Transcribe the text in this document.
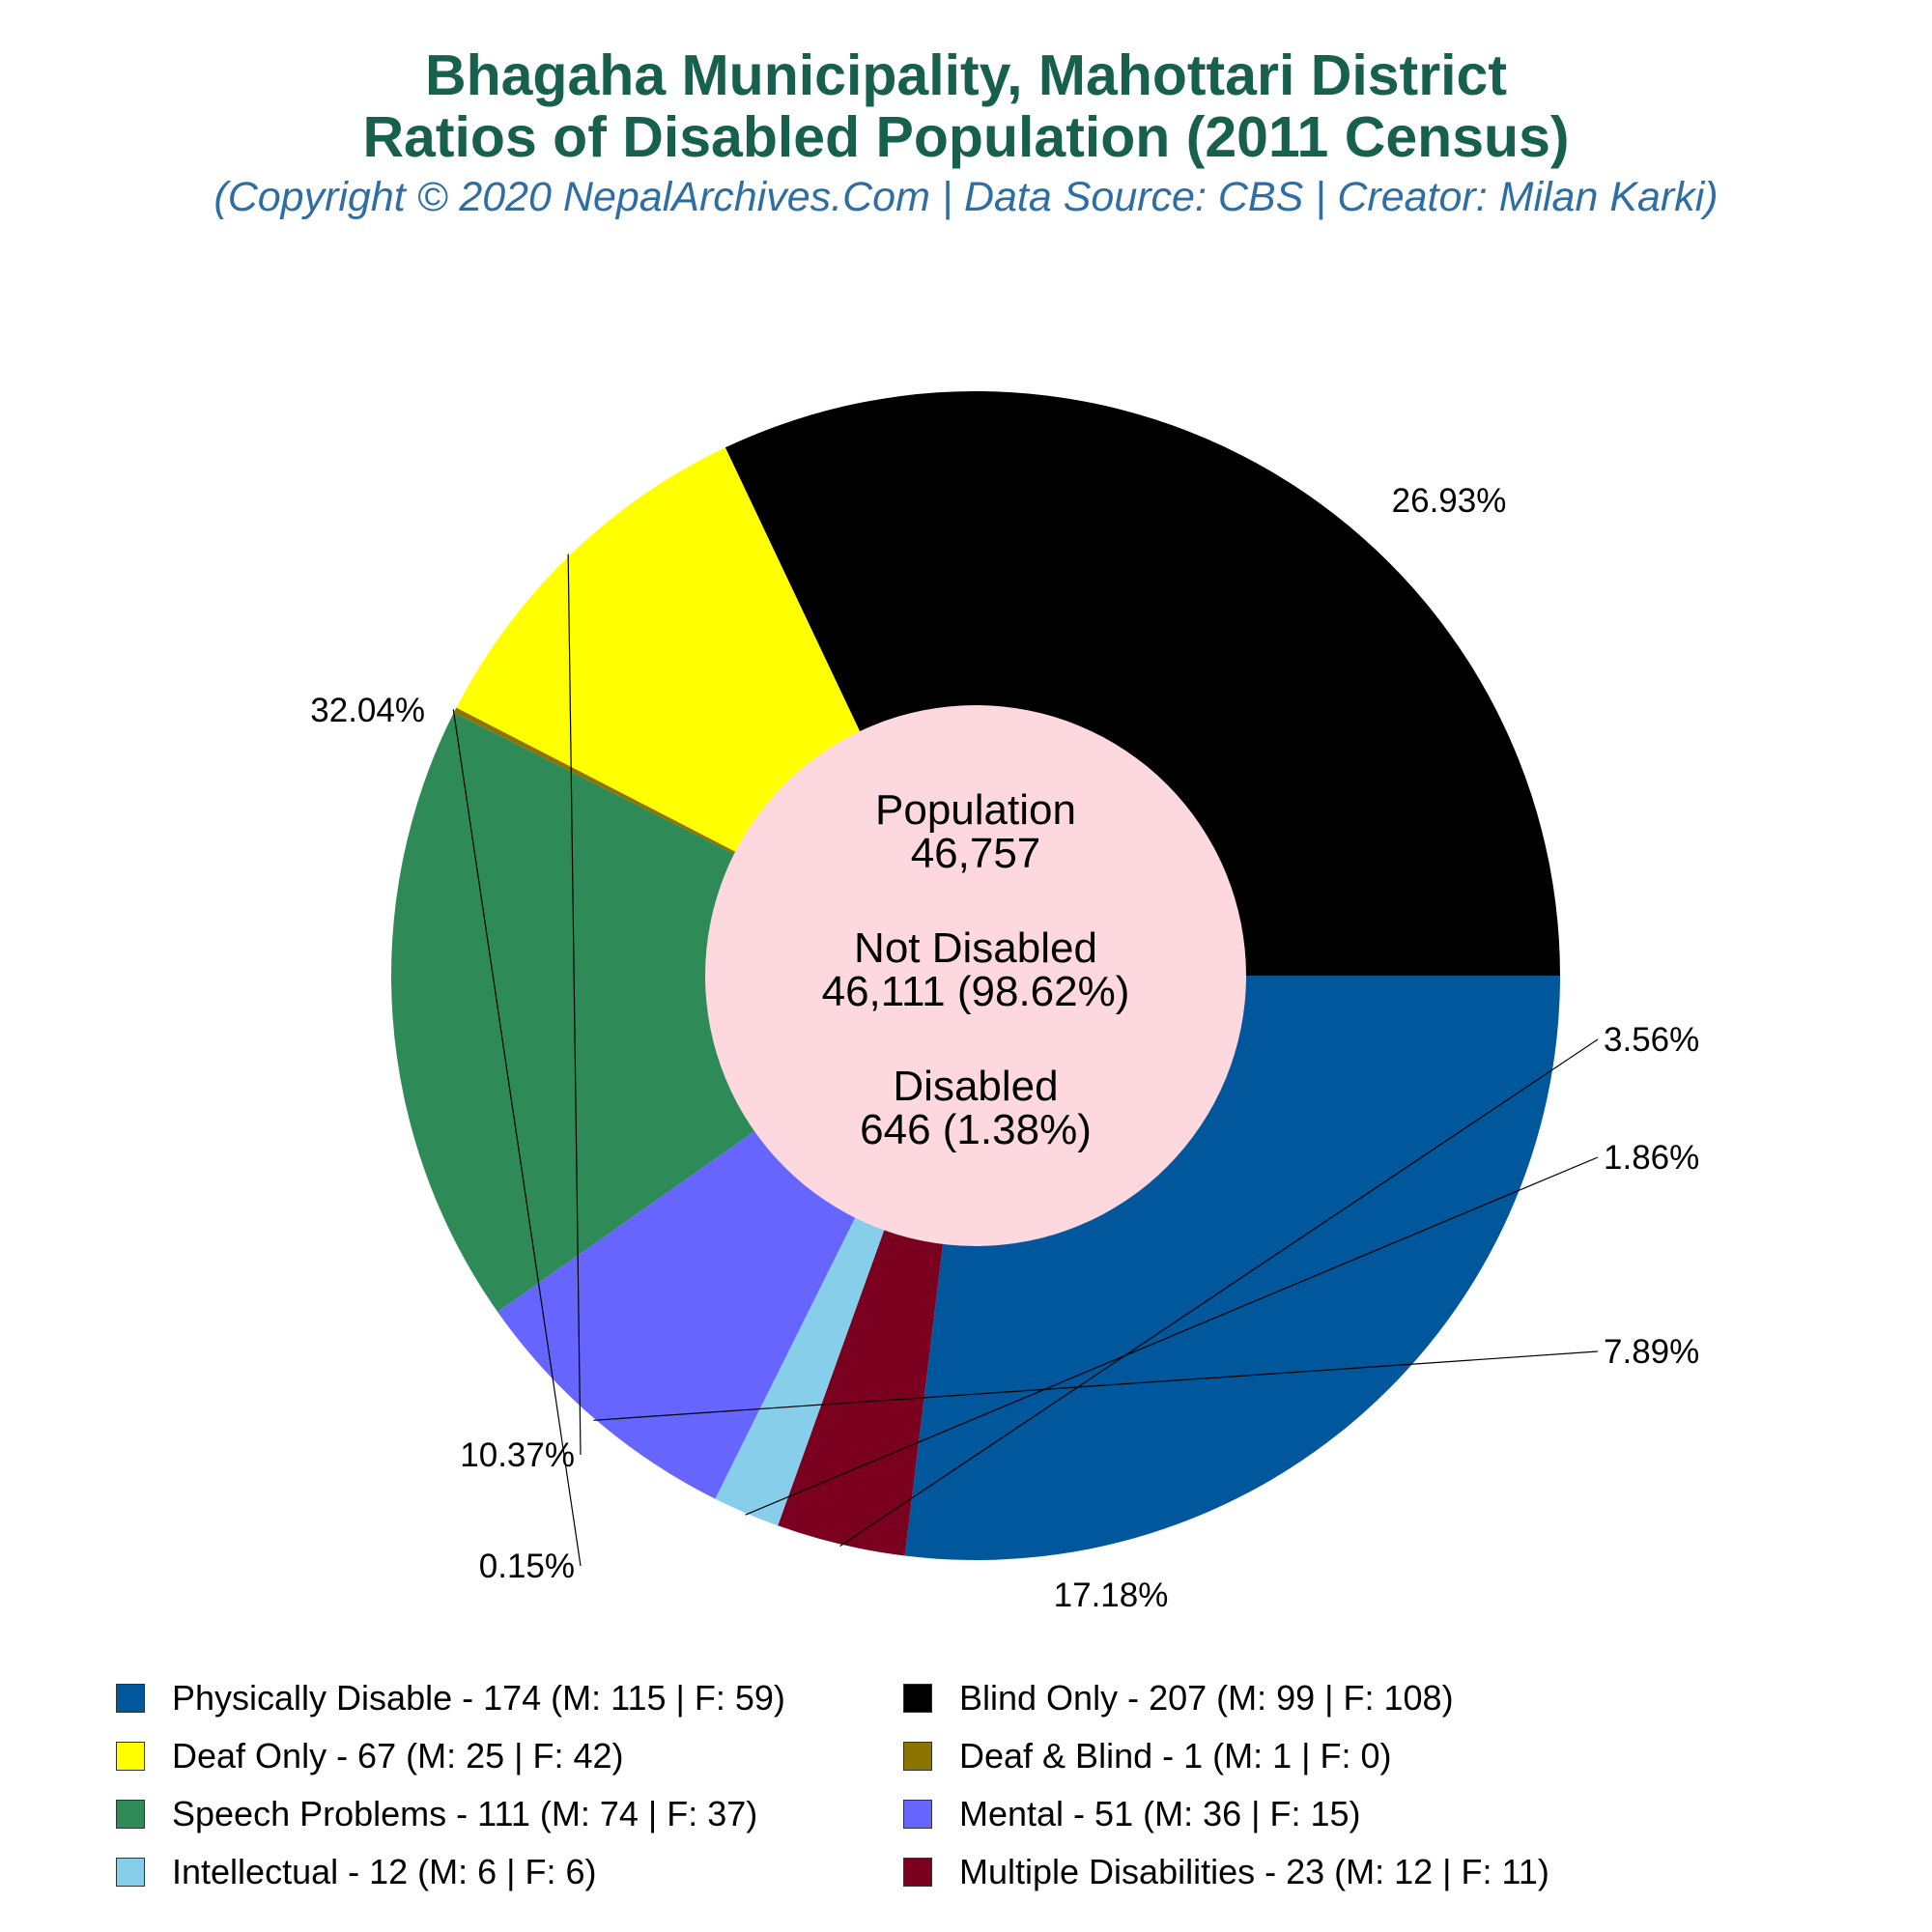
Bhagaha Municipality, Mahottari District
Ratios of Disabled Population (2011 Census)
(Copyright © 2020 NepalArchives.Com | Data Source: CBS | Creator: Milan Karki)
26.93%
3.56%
1.86%
7.89%
17.18%
0.15%
10.37%
32.04%
Population
46,757
Not Disabled
46,111 (98.62%)
Disabled
646 (1.38%)
Physically Disable - 174 (M: 115 | F: 59)	Blind Only - 207 (M: 99 | F: 108)
Deaf Only - 67 (M: 25 | F: 42)	Deaf & Blind - 1 (M: 1 | F: 0)
Speech Problems - 111 (M: 74 | F: 37)	Mental - 51 (M: 36 | F: 15)
Intellectual - 12 (M: 6 | F: 6)	Multiple Disabilities - 23 (M: 12 | F: 11)
